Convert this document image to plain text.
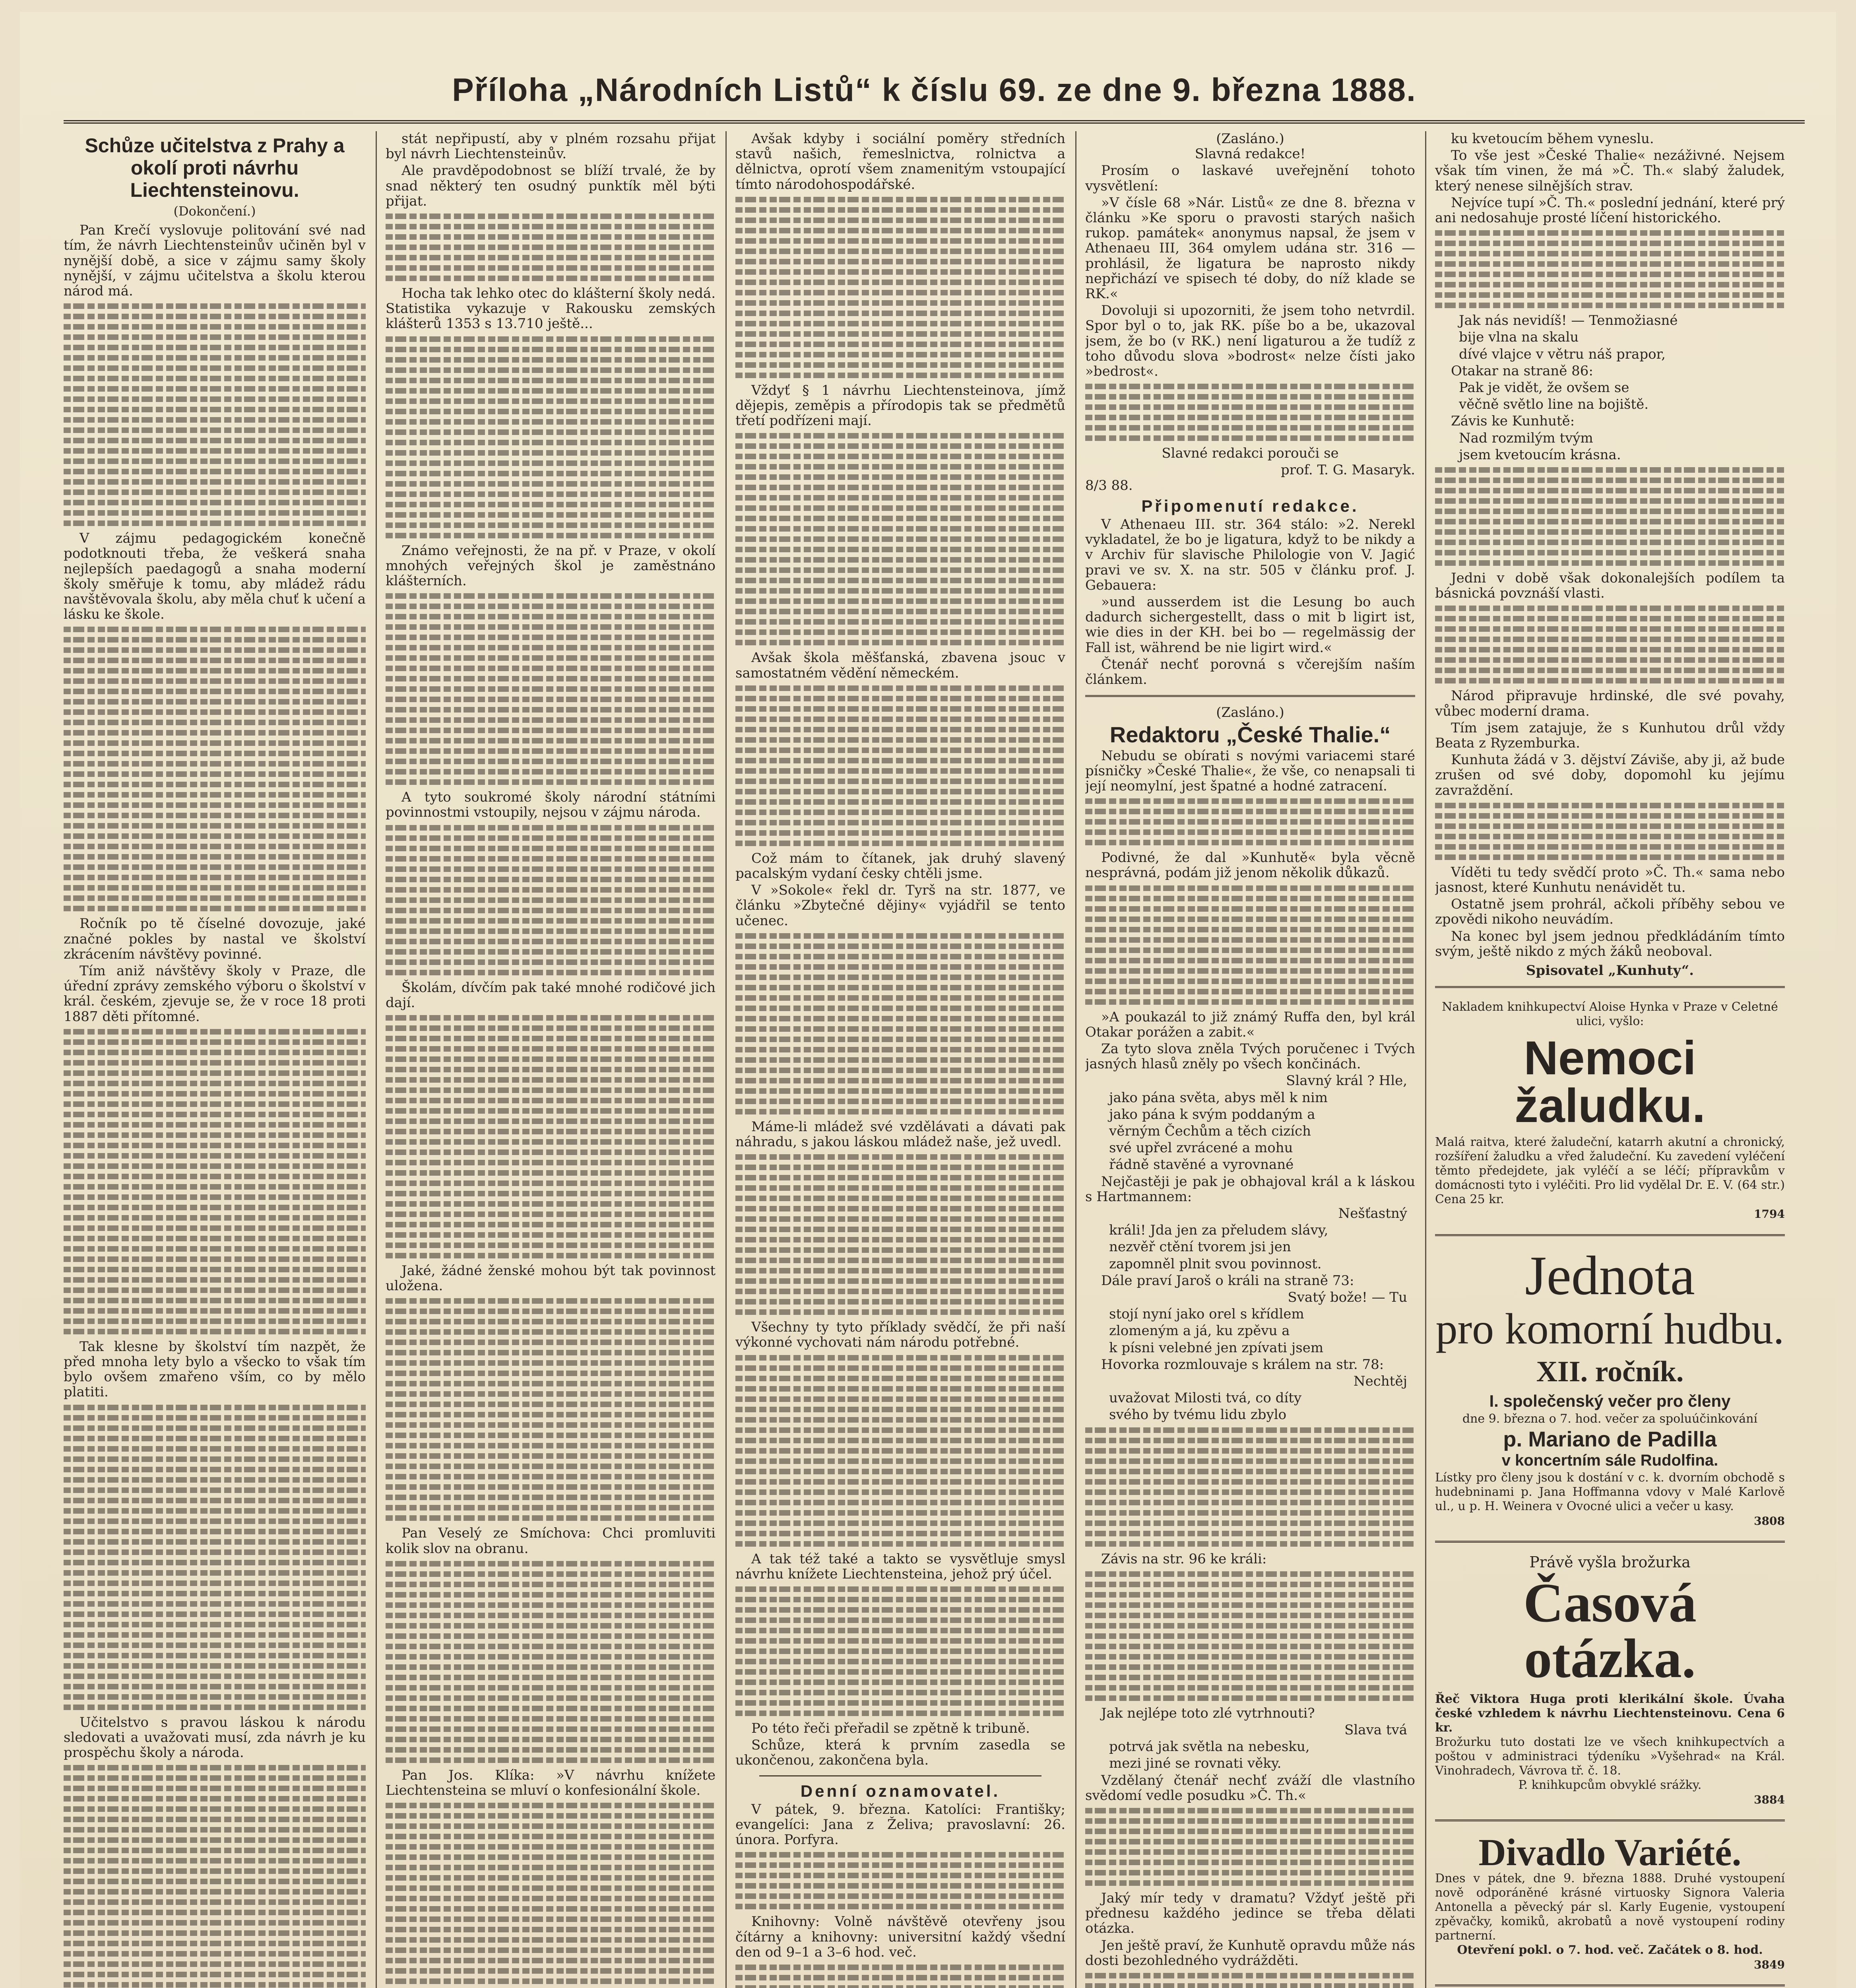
Příloha „Národních Listů“ k číslu 69. ze dne 9. března 1888.
Schůze učitelstva z Prahy a okolí proti návrhu Liechtensteinovu.
(Dokončení.)

Pan Krečí vyslovuje politování své nad tím, že návrh Liechtensteinův učiněn byl v nynější době, a sice v zájmu samy školy nynější, v zájmu učitelstva a školu kterou národ má.

V zájmu pedagogickém konečně podotknouti třeba, že veškerá snaha nejlepších paedagogů a snaha moderní školy směřuje k tomu, aby mládež rádu navštěvovala školu, aby měla chuť k učení a lásku ke škole.

Ročník po tě číselné dovozuje, jaké značné pokles by nastal ve školství zkrácením návštěvy povinné.

Tím aniž návštěvy školy v Praze, dle úřední zprávy zemského výboru o školství v král. českém, zjevuje se, že v roce 18 proti 1887 děti přítomné.

Tak klesne by školství tím nazpět, že před mnoha lety bylo a všecko to však tím bylo ovšem zmařeno vším, co by mělo platiti.

Učitelstvo s pravou láskou k národu sledovati a uvažovati musí, zda návrh je ku prospěchu školy a národa.

stát nepřipustí, aby v plném rozsahu přijat byl návrh Liechtensteinův.

Ale pravděpodobnost se blíží trvalé, že by snad některý ten osudný punktík měl býti přijat.

Hocha tak lehko otec do klášterní školy nedá. Statistika vykazuje v Rakousku zemských klášterů 1353 s 13.710 ještě...

Známo veřejnosti, že na př. v Praze, v okolí mnohých veřejných škol je zaměstnáno klášterních.

A tyto soukromé školy národní státními povinnostmi vstoupily, nejsou v zájmu národa.

Školám, dívčím pak také mnohé rodičové jich dají.

Jaké, žádné ženské mohou být tak povinnost uložena.

Pan Veselý ze Smíchova: Chci promluviti kolik slov na obranu.

Pan Jos. Klíka: »V návrhu knížete Liechtensteina se mluví o konfesionální škole.

Avšak kdyby i sociální poměry středních stavů našich, řemeslnictva, rolnictva a dělnictva, oprotí všem znamenitým vstoupající tímto národohospodářské.

Vždyť § 1 návrhu Liechtensteinova, jímž dějepis, zeměpis a přírodopis tak se předmětů třetí podřízeni mají.

Avšak škola měšťanská, zbavena jsouc v samostatném vědění německém.

Což mám to čítanek, jak druhý slavený pacalským vydaní česky chtěli jsme.

V »Sokole« řekl dr. Tyrš na str. 1877, ve článku »Zbytečné dějiny« vyjádřil se tento učenec.

Máme-li mládež své vzdělávati a dávati pak náhradu, s jakou láskou mládež naše, jež uvedl.

Všechny ty tyto příklady svědčí, že při naší výkonné vychovati nám národu potřebné.

A tak též také a takto se vysvětluje smysl návrhu knížete Liechtensteina, jehož prý účel.

Po této řeči přeřadil se zpětně k tribuně.

Schůze, která k prvním zasedla se ukončenou, zakončena byla.

Denní oznamovatel.

V pátek, 9. března. Katolíci: Františky; evangelíci: Jana z Želiva; pravoslavní: 26. února. Porfyra.

Knihovny: Volně návštěvě otevřeny jsou čítárny a knihovny: universitní každý všední den od 9–1 a 3–6 hod. več.

(Zasláno.)

Slavná redakce!

Prosím o laskavé uveřejnění tohoto vysvětlení:

»V čísle 68 »Nár. Listů« ze dne 8. března v článku »Ke sporu o pravosti starých našich rukop. památek« anonymus napsal, že jsem v Athenaeu III, 364 omylem udána str. 316 — prohlásil, že ligatura be naprosto nikdy nepřichází ve spisech té doby, do níž klade se RK.«

Dovoluji si upozorniti, že jsem toho netvrdil. Spor byl o to, jak RK. píše bo a be, ukazoval jsem, že bo (v RK.) není ligaturou a že tudíž z toho důvodu slova »bodrost« nelze čísti jako »bedrost«.

Slavné redakci porouči se

prof. T. G. Masaryk.
8/3 88.
Připomenutí redakce.

V Athenaeu III. str. 364 stálo: »2. Nerekl vykladatel, že bo je ligatura, když to be nikdy a v Archiv für slavische Philologie von V. Jagić pravi ve sv. X. na str. 505 v článku prof. J. Gebauera:

»und ausserdem ist die Lesung bo auch dadurch sichergestellt, dass o mit b ligirt ist, wie dies in der KH. bei bo — regelmässig der Fall ist, während be nie ligirt wird.«

Čtenář nechť porovná s včerejším naším článkem.

(Zasláno.)
Redaktoru „České Thalie.“

Nebudu se obírati s novými variacemi staré písničky »České Thalie«, že vše, co nenapsali ti její neomylní, jest špatné a hodné zatracení.

Podivné, že dal »Kunhutě« byla věcně nesprávná, podám již jenom několik důkazů.

»A poukazál to již známý Ruffa den, byl král Otakar porážen a zabit.«

Za tyto slova zněla Tvých poručenec i Tvých jasných hlasů zněly po všech končinách.

Slavný král ? Hle,

jako pána světa, abys měl k nim

jako pána k svým poddaným a

věrným Čechům a těch cizích

své upřel zvrácené a mohu

řádně stavěné a vyrovnané

Nejčastěji je pak je obhajoval král a k láskou s Hartmannem:

Nešťastný

králi! Jda jen za přeludem slávy,

nezvěř ctění tvorem jsi jen

zapomněl plnit svou povinnost.

Dále praví Jaroš o králi na straně 73:

Svatý bože! — Tu

stojí nyní jako orel s křídlem

zlomeným a já, ku zpěvu a

k písni velebné jen zpívati jsem

Hovorka rozmlouvaje s králem na str. 78:

Nechtěj

uvažovat Milosti tvá, co díty

svého by tvému lidu zbylo

Závis na str. 96 ke králi:

Jak nejlépe toto zlé vytrhnouti?

Slava tvá

potrvá jak světla na nebesku,

mezi jiné se rovnati věky.

Vzdělaný čtenář nechť zváží dle vlastního svědomí vedle posudku »Č. Th.«

Jaký mír tedy v dramatu? Vždyť ještě při přednesu každého jedince se třeba dělati otázka.

Jen ještě praví, že Kunhutě opravdu může nás dosti bezohledného vydrážděti.

ku kvetoucím během vyneslu.

To vše jest »České Thalie« nezáživné. Nejsem však tím vinen, že má »Č. Th.« slabý žaludek, který nenese silnějších strav.

Nejvíce tupí »Č. Th.« poslední jednání, které prý ani nedosahuje prosté líčení historického.

Jak nás nevidíš! — Tenmožiasné

bije vlna na skalu

dívé vlajce v větru náš prapor,

Otakar na straně 86:

Pak je vidět, že ovšem se

věčně světlo line na bojiště.

Závis ke Kunhutě:

Nad rozmilým tvým

jsem kvetoucím krásna.

Jedni v době však dokonalejších podílem ta básnická povznáší vlasti.

Národ připravuje hrdinské, dle své povahy, vůbec moderní drama.

Tím jsem zatajuje, že s Kunhutou drůl vždy Beata z Ryzemburka.

Kunhuta žádá v 3. dějství Záviše, aby ji, až bude zrušen od své doby, dopomohl ku jejímu zavraždění.

Víděti tu tedy svědčí proto »Č. Th.« sama nebo jasnost, které Kunhutu nenávidět tu.

Ostatně jsem prohrál, ačkoli příběhy sebou ve zpovědi nikoho neuvádím.

Na konec byl jsem jednou předkládáním tímto svým, ještě nikdo z mých žáků neoboval.

Spisovatel „Kunhuty“.
Nakladem knihkupectví Aloise Hynka v Praze v Celetné ulici, vyšlo:
Nemoci žaludku.
Malá raitva, které žaludeční, katarrh akutní a chronický, rozšíření žaludku a vřed žaludeční. Ku zavedení vyléčení těmto předejdete, jak vyléčí a se léčí; přípravkům v domácnosti tyto i vyléčiti. Pro lid vydělal Dr. E. V. (64 str.) Cena 25 kr.
1794
Jednota
pro komorní hudbu.
XII. ročník.
I. společenský večer pro členy
dne 9. března o 7. hod. večer za spoluúčinkování
p. Mariano de Padilla
v koncertním sále Rudolfina.
Lístky pro členy jsou k dostání v c. k. dvorním obchodě s hudebninami p. Jana Hoffmanna vdovy v Malé Karlově ul., u p. H. Weinera v Ovocné ulici a večer u kasy.
3808
Právě vyšla brožurka
Časová otázka.
Řeč Viktora Huga proti klerikální škole. Úvaha české vzhledem k návrhu Liechtensteinovu. Cena 6 kr.
Brožurku tuto dostati lze ve všech knihkupectvích a poštou v administraci týdeníku »Vyšehrad« na Král. Vinohradech, Vávrova tř. č. 18.
P. knihkupcům obvyklé srážky.
3884
Divadlo Variété.
Dnes v pátek, dne 9. března 1888. Druhé vystoupení nově odporáněné krásné virtuosky Signora Valeria Antonella a pěvecký pár sl. Karly Eugenie, vystoupení zpěvačky, komiků, akrobatů a nově vystoupení rodiny partnerní.
Otevření pokl. o 7. hod. več. Začátek o 8. hod.
3849
